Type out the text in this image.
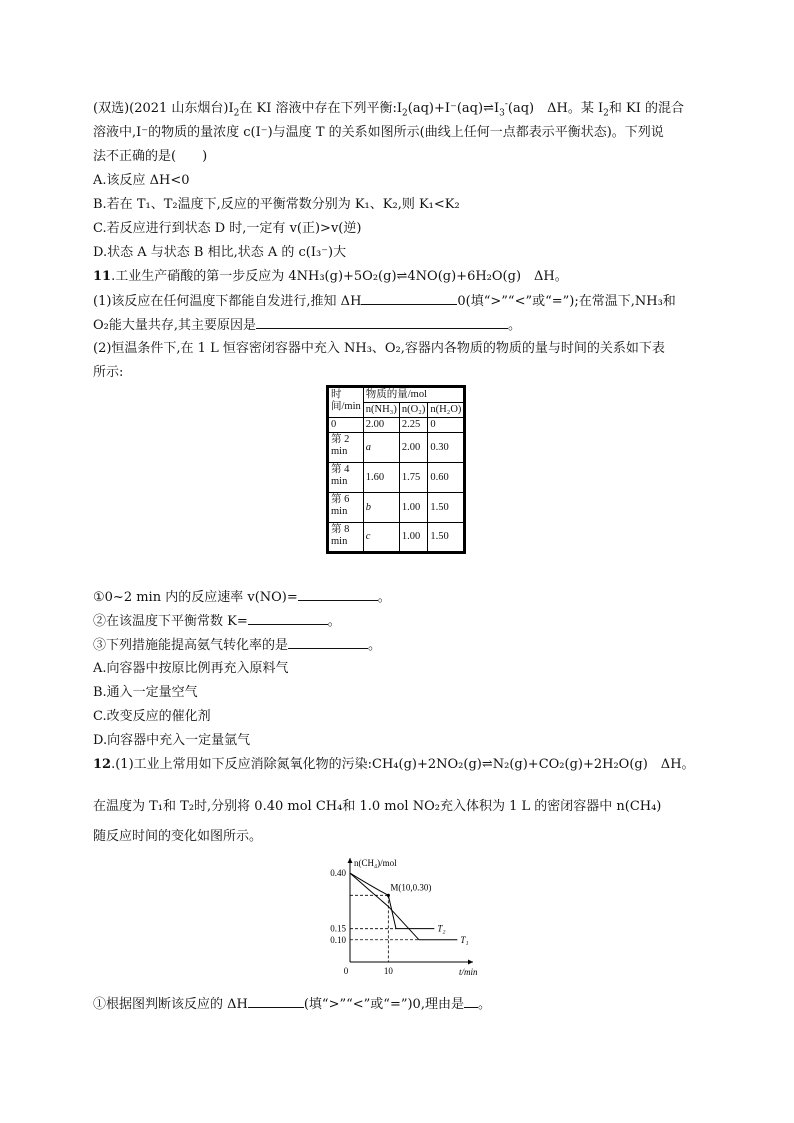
(双选)(2021 山东烟台)$I_2$在 KI 溶液中存在下列平衡$:I_2(aq)+I^-(aq)\rightleftharpoons I_3^-(aq)$　ΔH。某 $I_2$和 KI 的混合
溶液中,I⁻的物质的量浓度 c(I⁻)与温度 T 的关系如图所示(曲线上任何一点都表示平衡状态)。下列说
法不正确的是(　　)
A.该反应 ΔH<0
B.若在 T₁、T₂温度下,反应的平衡常数分别为 K₁、K₂,则 K₁<K₂
C.若反应进行到状态 D 时,一定有 v(正)>v(逆)
D.状态 A 与状态 B 相比,状态 A 的 c(I₃⁻)大
11.工业生产硝酸的第一步反应为 4NH₃(g)+5O₂(g)⇌4NO(g)+6H₂O(g)　ΔH。
(1)该反应在任何温度下都能自发进行,推知 ΔH	0(填“>”“<”或“=”);在常温下,NH₃和
O₂能大量共存,其主要原因是	。
(2)恒温条件下,在 1 L 恒容密闭容器中充入 NH₃、O₂,容器内各物质的物质的量与时间的关系如下表
所示:
时间/min	物质的量/mol		
	n(NH₃)	n(O₂)	n(H₂O)
0	2.00	2.25	0
第 2 min	a	2.00	0.30
第 4 min	1.60	1.75	0.60
第 6 min	b	1.00	1.50
第 8 min	c	1.00	1.50
①0~2 min 内的反应速率 v(NO)=	。
②在该温度下平衡常数 K=	。
③下列措施能提高氨气转化率的是	。
A.向容器中按原比例再充入原料气
B.通入一定量空气
C.改变反应的催化剂
D.向容器中充入一定量氩气
12.(1)工业上常用如下反应消除氮氧化物的污染:CH₄(g)+2NO₂(g)⇌N₂(g)+CO₂(g)+2H₂O(g)　ΔH。
在温度为 T₁和 T₂时,分别将 0.40 mol CH₄和 1.0 mol NO₂充入体积为 1 L 的密闭容器中 n(CH₄)
随反应时间的变化如图所示。
n(CH₄)/mol
t/min
0.40
0.15
0.10
0	10
T₂
T₁
M(10,0.30)
①根据图判断该反应的 ΔH	(填“>”“<”或“=”)0,理由是 。
